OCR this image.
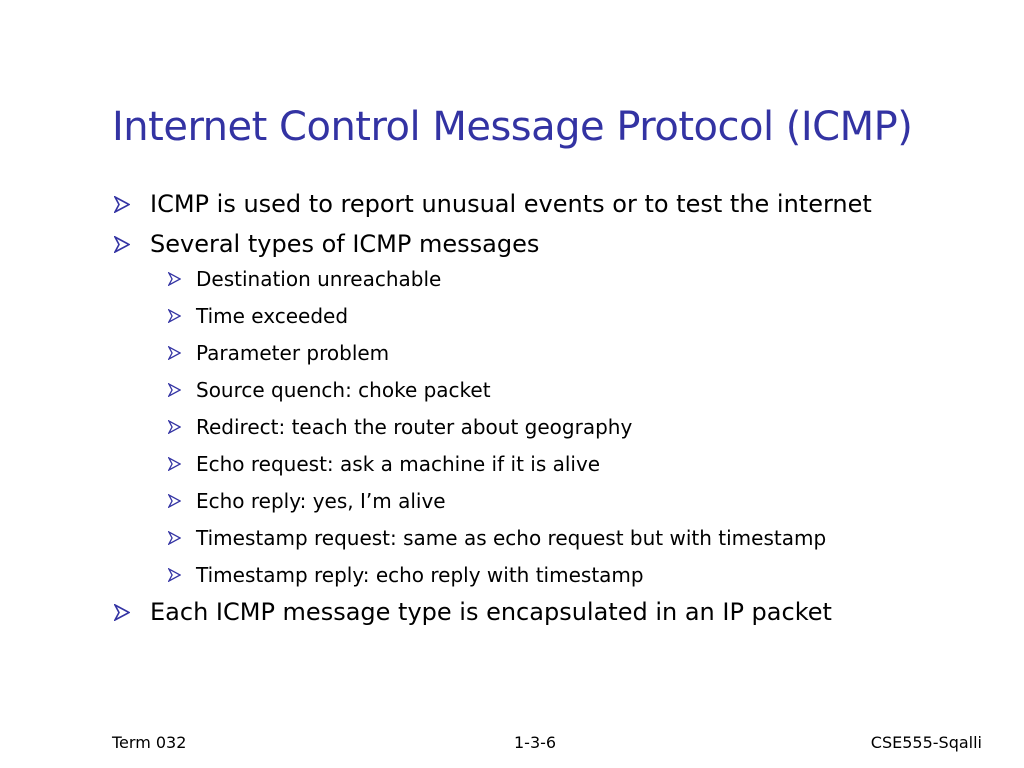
Internet Control Message Protocol (ICMP)
ICMP is used to report unusual events or to test the internet
Several types of ICMP messages
Destination unreachable
Time exceeded
Parameter problem
Source quench: choke packet
Redirect: teach the router about geography
Echo request: ask a machine if it is alive
Echo reply: yes, I’m alive
Timestamp request: same as echo request but with timestamp
Timestamp reply: echo reply with timestamp
Each ICMP message type is encapsulated in an IP packet
Term 032	1-3-6	CSE555-Sqalli
